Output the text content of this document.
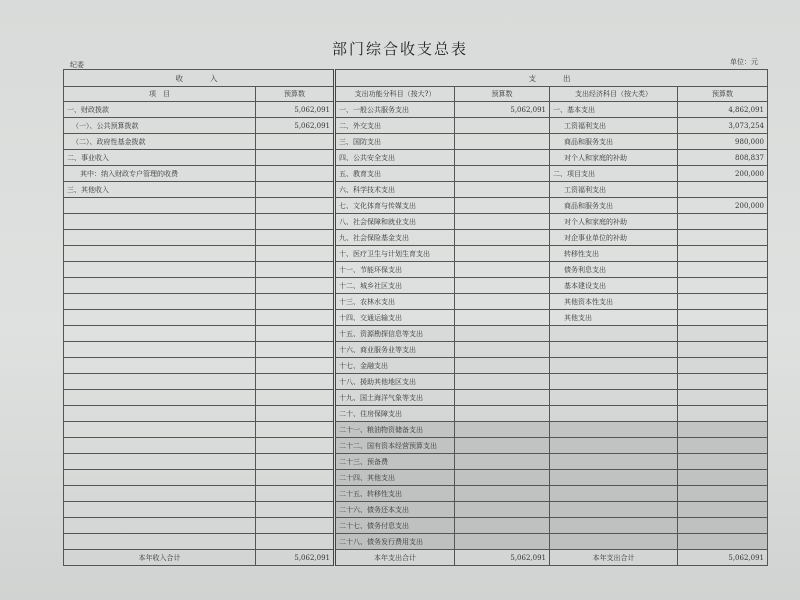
部门综合收支总表
纪委	单位：元
收　　入		支　　出			
项　目	预算数	支出功能分科目（按大?）	预算数	支出经济科目（按大类）	预算数
一、财政拨款	5,062,091	一、一般公共服务支出	5,062,091	一、基本支出	4,862,091
（一）、公共预算拨款	5,062,091	二、外交支出		工资福利支出	3,073,254
（二）、政府性基金拨款		三、国防支出		商品和服务支出	980,000
二、事业收入		四、公共安全支出		对个人和家庭的补助	808,837
其中：纳入财政专户管理的收费		五、教育支出		二、项目支出	200,000
三、其他收入		六、科学技术支出		工资福利支出	
		七、文化体育与传媒支出		商品和服务支出	200,000
		八、社会保障和就业支出		对个人和家庭的补助	
		九、社会保险基金支出		对企事业单位的补助	
		十、医疗卫生与计划生育支出		转移性支出	
		十一、节能环保支出		债务利息支出	
		十二、城乡社区支出		基本建设支出	
		十三、农林水支出		其他资本性支出	
		十四、交通运输支出		其他支出	
		十五、资源勘探信息等支出			
		十六、商业服务业等支出			
		十七、金融支出			
		十八、援助其他地区支出			
		十九、国土海洋气象等支出			
		二十、住房保障支出			
		二十一、粮油物资储备支出			
		二十二、国有资本经营预算支出			
		二十三、预备费			
		二十四、其他支出			
		二十五、转移性支出			
		二十六、债务还本支出			
		二十七、债务付息支出			
		二十八、债务发行费用支出			
本年收入合计	5,062,091	本年支出合计	5,062,091	本年支出合计	5,062,091
